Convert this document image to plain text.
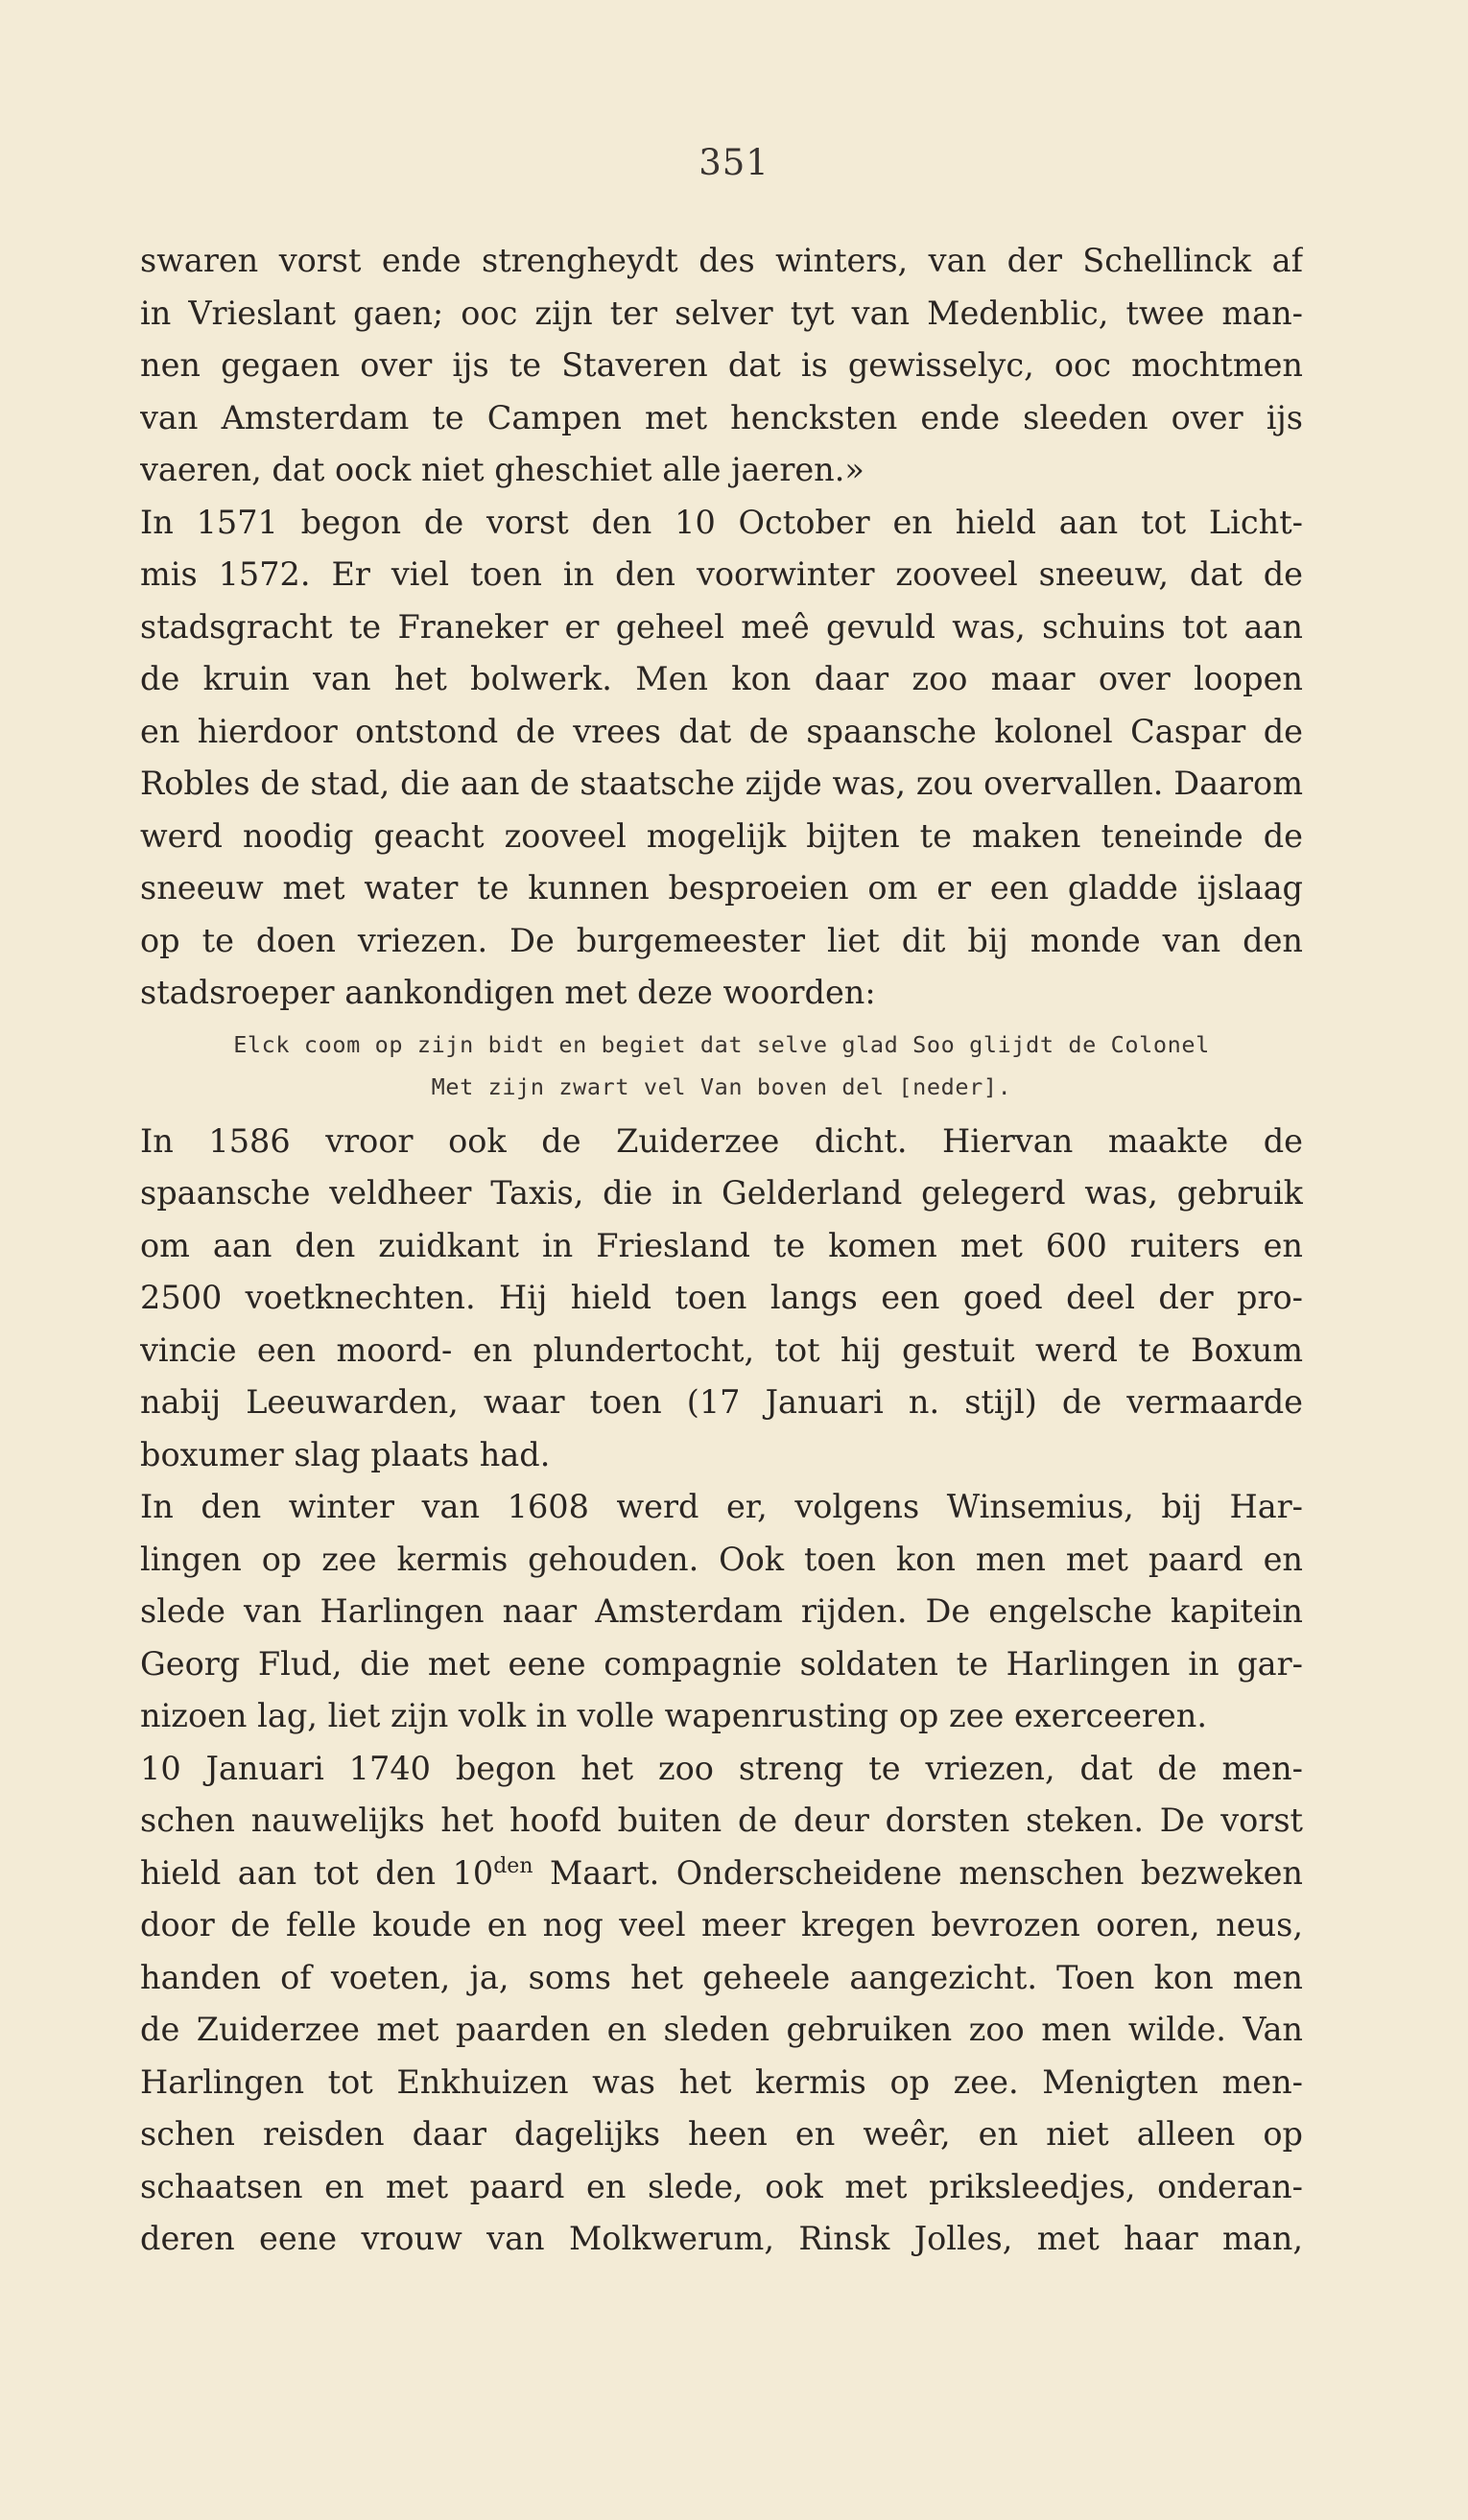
351
swaren vorst ende strengheydt des winters, van der Schellinck af
in Vrieslant gaen; ooc zijn ter selver tyt van Medenblic, twee man-
nen gegaen over ijs te Staveren dat is gewisselyc, ooc mochtmen
van Amsterdam te Campen met hencksten ende sleeden over ijs
vaeren, dat oock niet gheschiet alle jaeren.»
In 1571 begon de vorst den 10 October en hield aan tot Licht-
mis 1572. Er viel toen in den voorwinter zooveel sneeuw, dat de
stadsgracht te Franeker er geheel meê gevuld was, schuins tot aan
de kruin van het bolwerk. Men kon daar zoo maar over loopen
en hierdoor ontstond de vrees dat de spaansche kolonel Caspar de
Robles de stad, die aan de staatsche zijde was, zou overvallen. Daarom
werd noodig geacht zooveel mogelijk bijten te maken teneinde de
sneeuw met water te kunnen besproeien om er een gladde ijslaag
op te doen vriezen. De burgemeester liet dit bij monde van den
stadsroeper aankondigen met deze woorden:
Elck coom op zijn bidt en begiet dat selve glad Soo glijdt de Colonel
Met zijn zwart vel Van boven del [neder].
In 1586 vroor ook de Zuiderzee dicht. Hiervan maakte de
spaansche veldheer Taxis, die in Gelderland gelegerd was, gebruik
om aan den zuidkant in Friesland te komen met 600 ruiters en
2500 voetknechten. Hij hield toen langs een goed deel der pro-
vincie een moord- en plundertocht, tot hij gestuit werd te Boxum
nabij Leeuwarden, waar toen (17 Januari n. stijl) de vermaarde
boxumer slag plaats had.
In den winter van 1608 werd er, volgens Winsemius, bij Har-
lingen op zee kermis gehouden. Ook toen kon men met paard en
slede van Harlingen naar Amsterdam rijden. De engelsche kapitein
Georg Flud, die met eene compagnie soldaten te Harlingen in gar-
nizoen lag, liet zijn volk in volle wapenrusting op zee exerceeren.
10 Januari 1740 begon het zoo streng te vriezen, dat de men-
schen nauwelijks het hoofd buiten de deur dorsten steken. De vorst
hield aan tot den $10^{den}$ Maart. Onderscheidene menschen bezweken
door de felle koude en nog veel meer kregen bevrozen ooren, neus,
handen of voeten, ja, soms het geheele aangezicht. Toen kon men
de Zuiderzee met paarden en sleden gebruiken zoo men wilde. Van
Harlingen tot Enkhuizen was het kermis op zee. Menigten men-
schen reisden daar dagelijks heen en weêr, en niet alleen op
schaatsen en met paard en slede, ook met priksleedjes, onderan-
deren eene vrouw van Molkwerum, Rinsk Jolles, met haar man,
